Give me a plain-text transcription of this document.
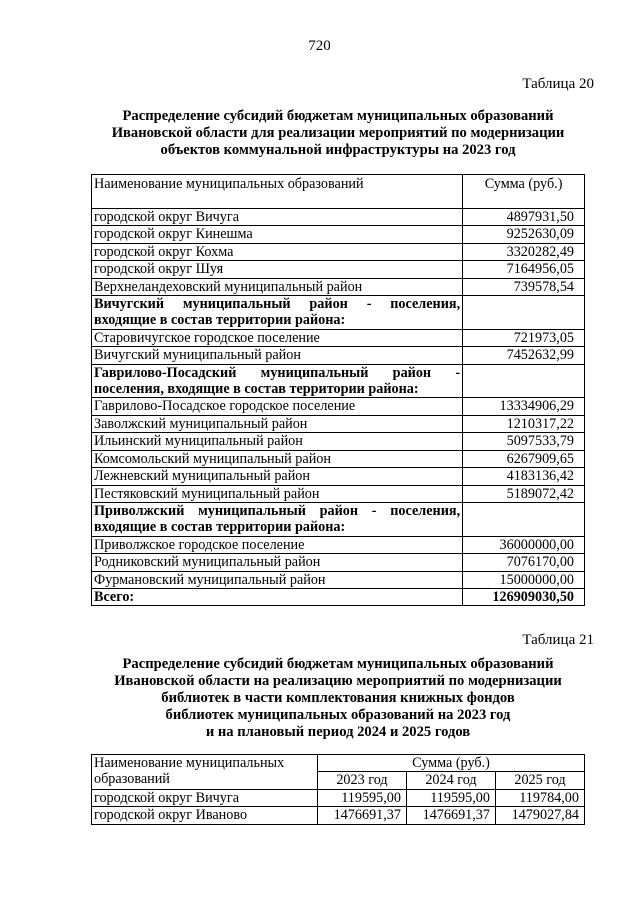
720
Таблица 20
Распределение субсидий бюджетам муниципальных образований
Ивановской области для реализации мероприятий по модернизации
объектов коммунальной инфраструктуры на 2023 год
Наименование муниципальных образований	Сумма (руб.)
городской округ Вичуга	4897931,50
городской округ Кинешма	9252630,09
городской округ Кохма	3320282,49
городской округ Шуя	7164956,05
Верхнеландеховский муниципальный район	739578,54
Вичугский муниципальный район - поселения, входящие в состав территории района:	
Старовичугское городское поселение	721973,05
Вичугский муниципальный район	7452632,99
Гаврилово-Посадский муниципальный район - поселения, входящие в состав территории района:	
Гаврилово-Посадское городское поселение	13334906,29
Заволжский муниципальный район	1210317,22
Ильинский муниципальный район	5097533,79
Комсомольский муниципальный район	6267909,65
Лежневский муниципальный район	4183136,42
Пестяковский муниципальный район	5189072,42
Приволжский муниципальный район - поселения, входящие в состав территории района:	
Приволжское городское поселение	36000000,00
Родниковский муниципальный район	7076170,00
Фурмановский муниципальный район	15000000,00
Всего:	126909030,50
Таблица 21
Распределение субсидий бюджетам муниципальных образований
Ивановской области на реализацию мероприятий по модернизации
библиотек в части комплектования книжных фондов
библиотек муниципальных образований на 2023 год
и на плановый период 2024 и 2025 годов
Наименование муниципальных образований	Сумма (руб.)		
	2023 год	2024 год	2025 год
городской округ Вичуга	119595,00	119595,00	119784,00
городской округ Иваново	1476691,37	1476691,37	1479027,84
